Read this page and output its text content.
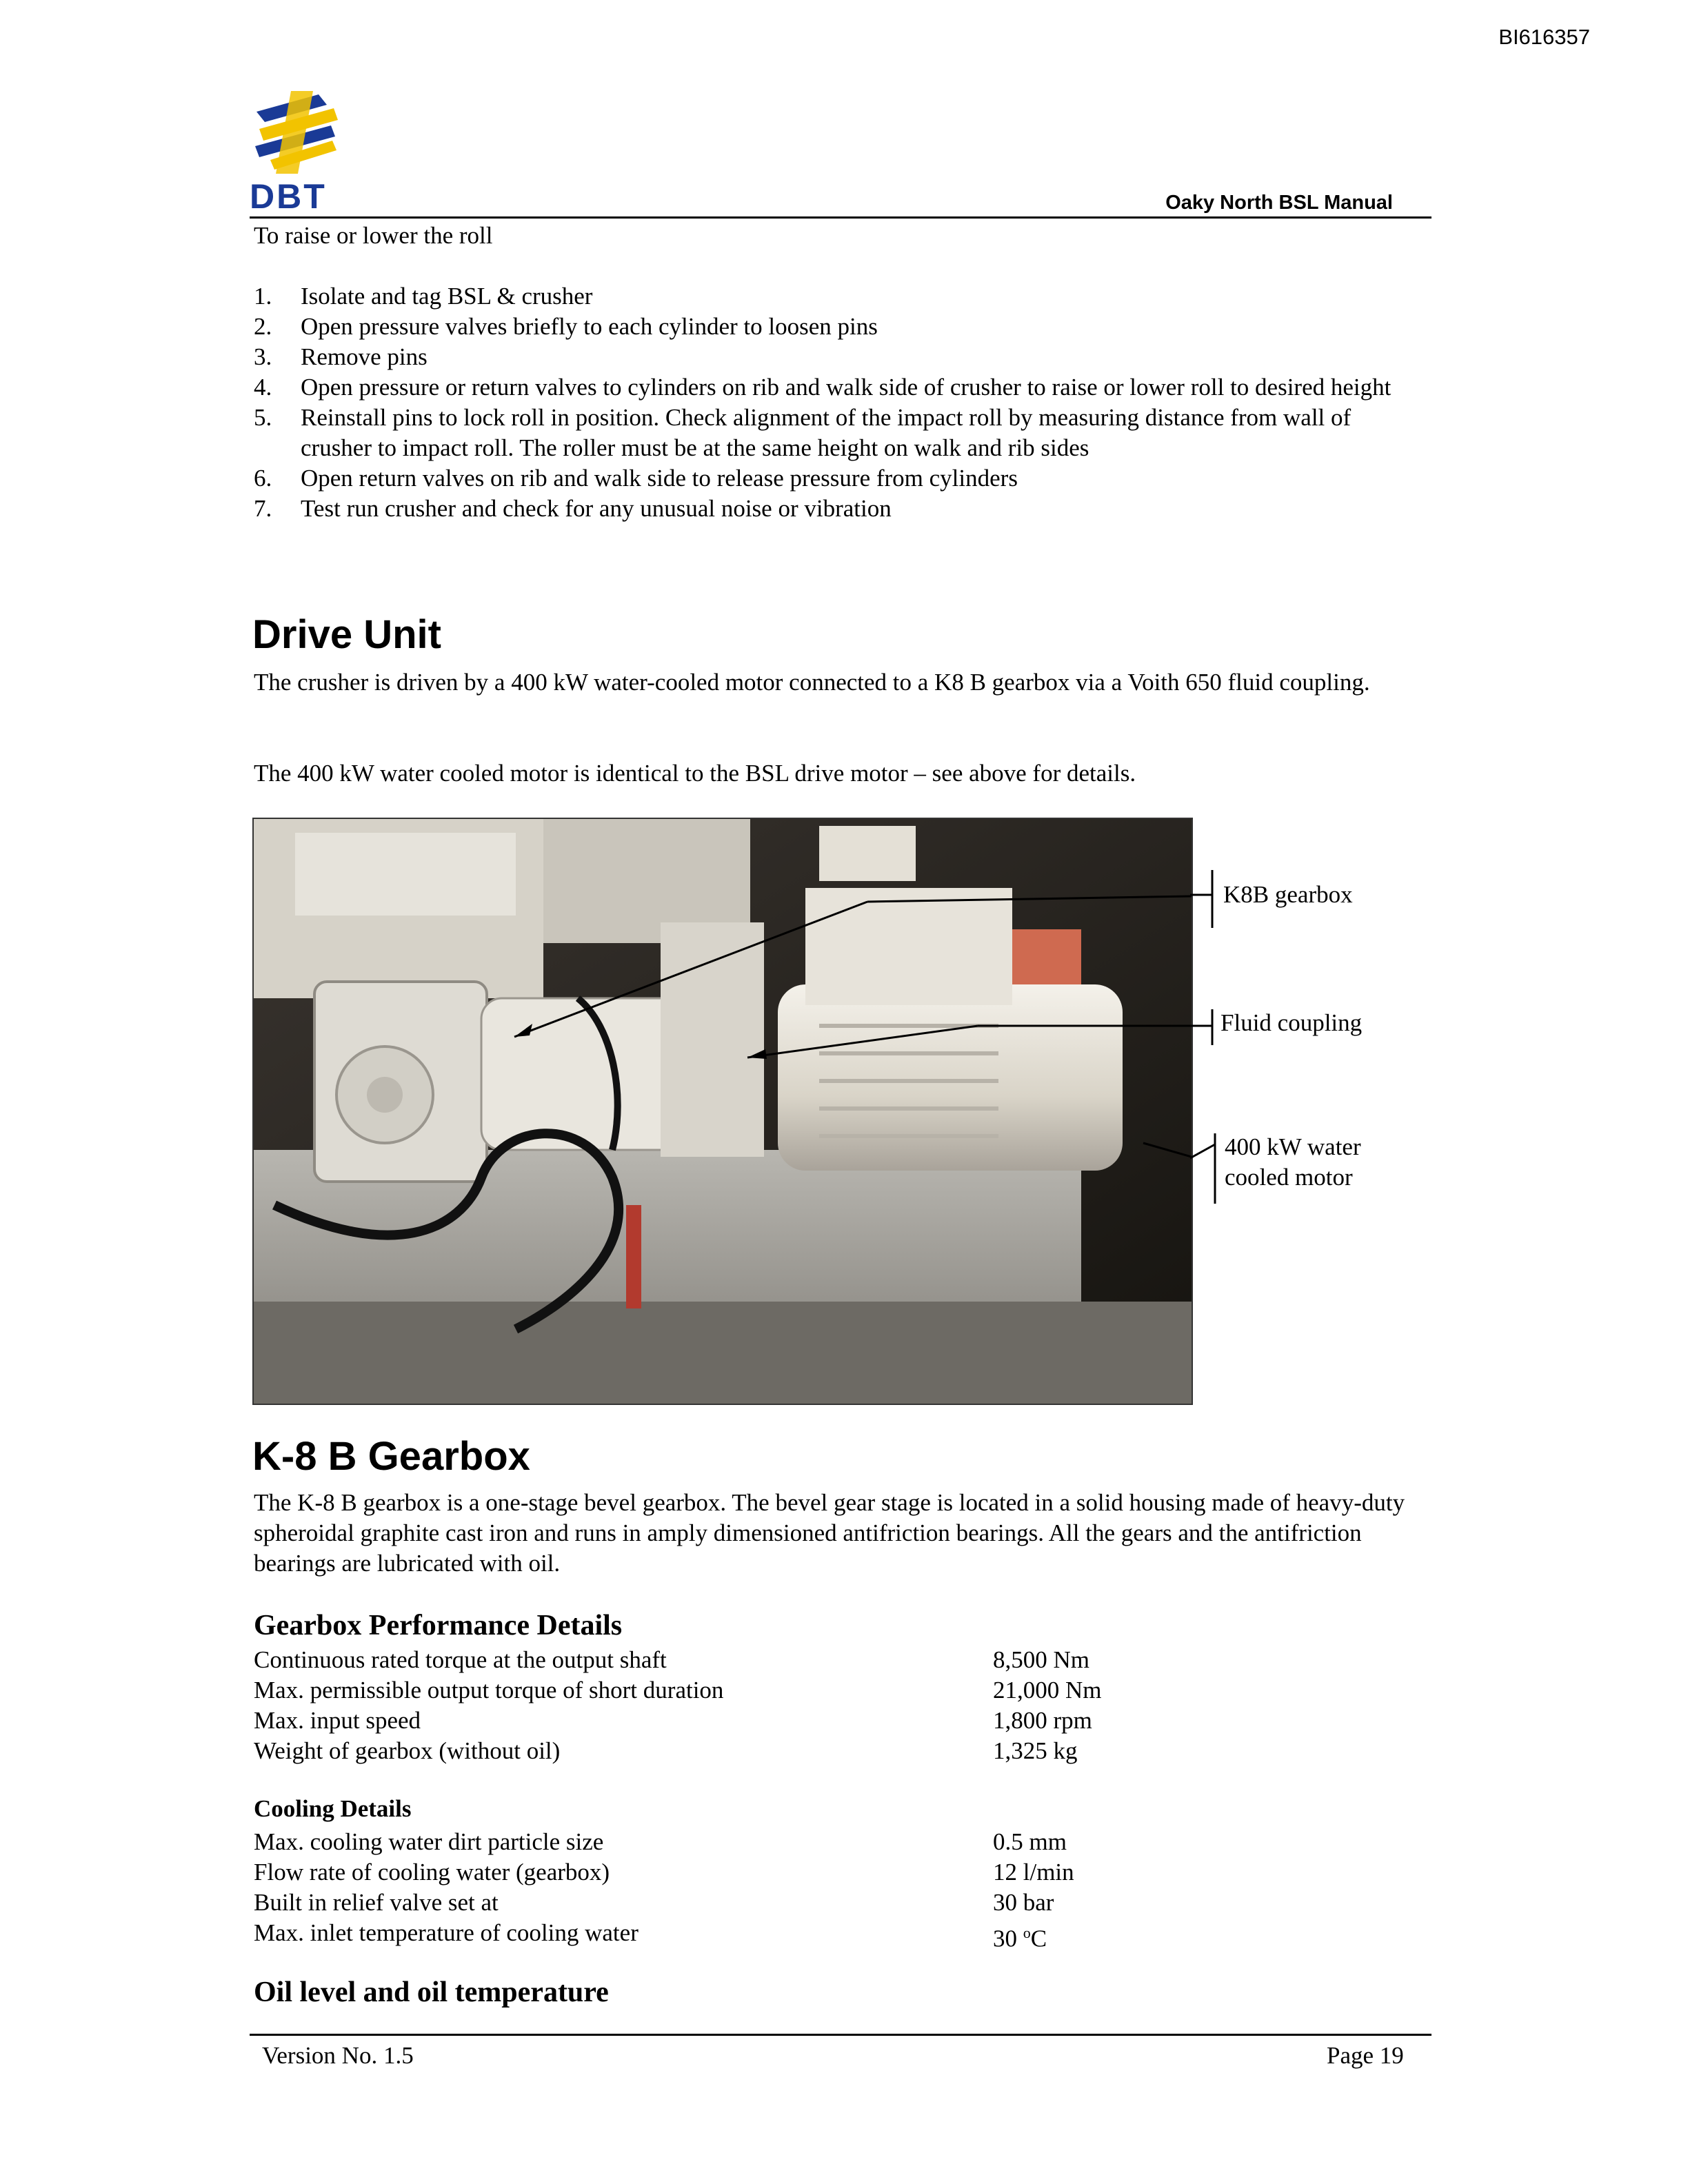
BI616357
DBT	Oaky North BSL Manual
To raise or lower the roll
1. Isolate and tag BSL & crusher
2. Open pressure valves briefly to each cylinder to loosen pins
3. Remove pins
4. Open pressure or return valves to cylinders on rib and walk side of crusher to raise or lower roll to desired height
5. Reinstall pins to lock roll in position. Check alignment of the impact roll by measuring distance from wall of crusher to impact roll. The roller must be at the same height on walk and rib sides
6. Open return valves on rib and walk side to release pressure from cylinders
7. Test run crusher and check for any unusual noise or vibration
Drive Unit
The crusher is driven by a 400 kW water-cooled motor connected to a K8 B gearbox via a Voith 650 fluid coupling.
The 400 kW water cooled motor is identical to the BSL drive motor – see above for details.
K8B gearbox
Fluid coupling
400 kW water
cooled motor
K-8 B Gearbox
The K-8 B gearbox is a one-stage bevel gearbox. The bevel gear stage is located in a solid housing made of heavy-duty spheroidal graphite cast iron and runs in amply dimensioned antifriction bearings. All the gears and the antifriction bearings are lubricated with oil.
Gearbox Performance Details
Continuous rated torque at the output shaft	8,500 Nm
Max. permissible output torque of short duration	21,000 Nm
Max. input speed	1,800 rpm
Weight of gearbox (without oil)	1,325 kg
Cooling Details
Max. cooling water dirt particle size	0.5 mm
Flow rate of cooling water (gearbox)	12 l/min
Built in relief valve set at	30 bar
Max. inlet temperature of cooling water	30 $^o$C
Oil level and oil temperature
Version No. 1.5	Page 19
